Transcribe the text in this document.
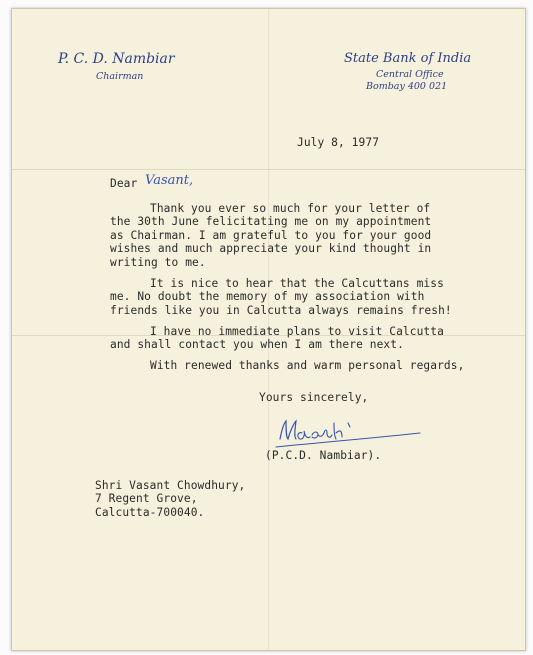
P. C. D. Nambiar
Chairman
State Bank of India
Central Office
Bombay 400 021
July 8, 1977
Dear Vasant,
Thank you ever so much for your letter of
the 30th June felicitating me on my appointment
as Chairman. I am grateful to you for your good
wishes and much appreciate your kind thought in
writing to me.
It is nice to hear that the Calcuttans miss
me. No doubt the memory of my association with
friends like you in Calcutta always remains fresh!
I have no immediate plans to visit Calcutta
and shall contact you when I am there next.
With renewed thanks and warm personal regards,
Yours sincerely,
(P.C.D. Nambiar).
Shri Vasant Chowdhury,
7 Regent Grove,
Calcutta-700040.
